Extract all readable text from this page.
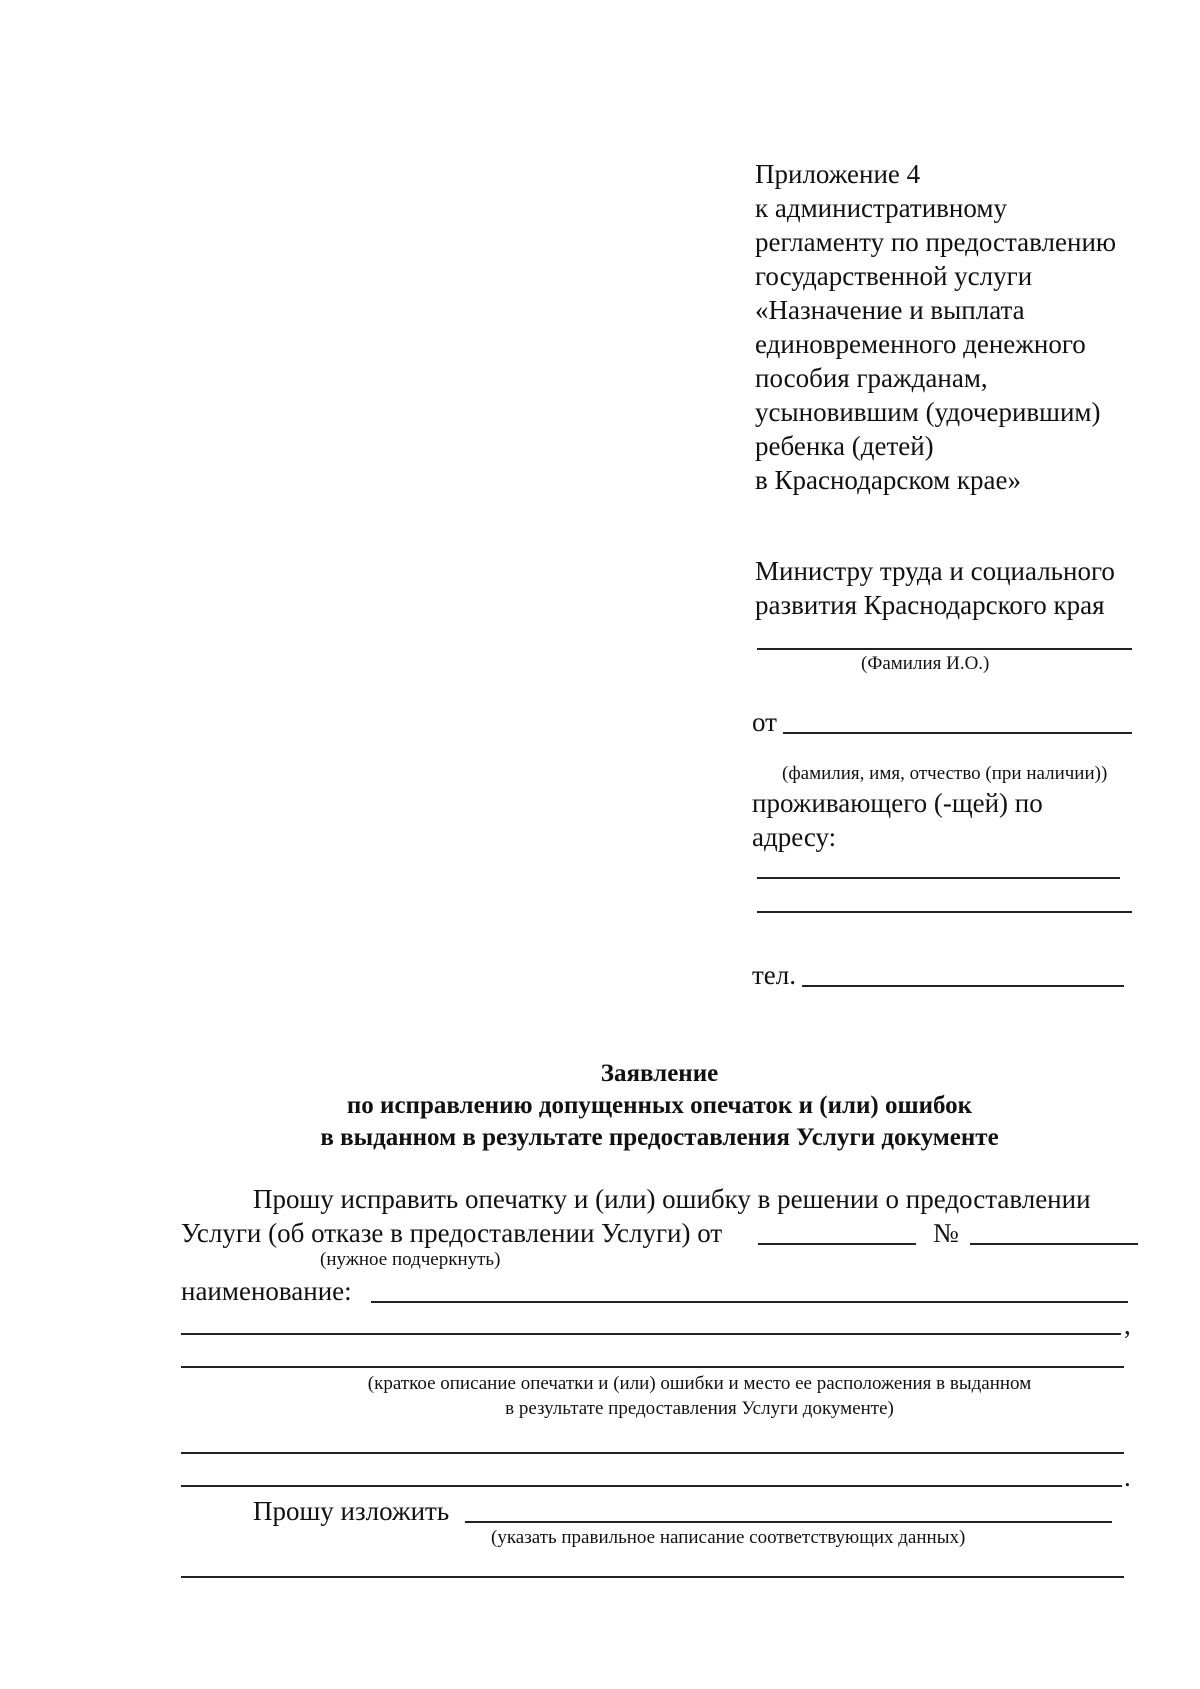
Приложение 4
к административному
регламенту по предоставлению
государственной услуги
«Назначение и выплата
единовременного денежного
пособия гражданам,
усыновившим (удочерившим)
ребенка (детей)
в Краснодарском крае»
Министру труда и социального
развития Краснодарского края
(Фамилия И.О.)
от
(фамилия, имя, отчество (при наличии))
проживающего (-щей) по
адресу:
тел.
Заявление
по исправлению допущенных опечаток и (или) ошибок
в выданном в результате предоставления Услуги документе
Прошу исправить опечатку и (или) ошибку в решении о предоставлении
Услуги (об отказе в предоставлении Услуги) от	№
(нужное подчеркнуть)
наименование:
,
(краткое описание опечатки и (или) ошибки и место ее расположения в выданном
в результате предоставления Услуги документе)
.
Прошу изложить
(указать правильное написание соответствующих данных)
